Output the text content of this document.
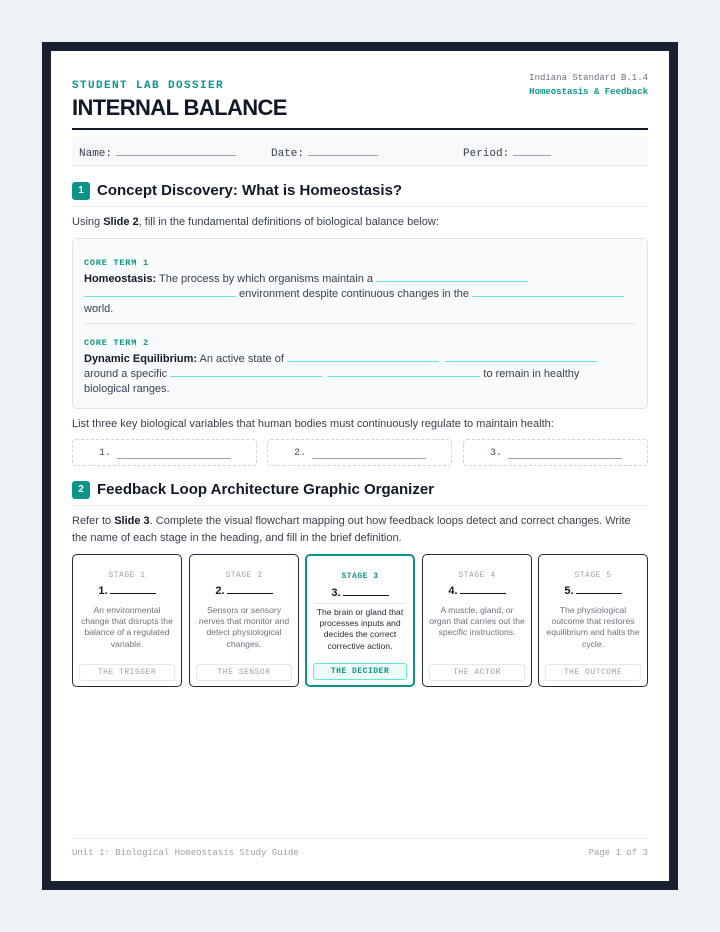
STUDENT LAB DOSSIER
INTERNAL BALANCE
Indiana Standard B.1.4
Homeostasis & Feedback
Name:	Date:	Period:
1 Concept Discovery: What is Homeostasis?
Using Slide 2, fill in the fundamental definitions of biological balance below:
CORE TERM 1
Homeostasis: The process by which organisms maintain a
environment despite continuous changes in the
world.
CORE TERM 2
Dynamic Equilibrium: An active state of
around a specific	to remain in healthy
biological ranges.
List three key biological variables that human bodies must continuously regulate to maintain health:
1.	2.	3.
2 Feedback Loop Architecture Graphic Organizer
Refer to Slide 3. Complete the visual flowchart mapping out how feedback loops detect and correct changes. Write the name of each stage in the heading, and fill in the brief definition.
STAGE 1
1.
An environmental change that disrupts the balance of a regulated variable.
THE TRIGGER
STAGE 2
2.
Sensors or sensory nerves that monitor and detect physiological changes.
THE SENSOR
STAGE 3
3.
The brain or gland that processes inputs and decides the correct corrective action.
THE DECIDER
STAGE 4
4.
A muscle, gland, or organ that carries out the specific instructions.
THE ACTOR
STAGE 5
5.
The physiological outcome that restores equilibrium and halts the cycle.
THE OUTCOME
Unit 1: Biological Homeostasis Study Guide	Page 1 of 3
